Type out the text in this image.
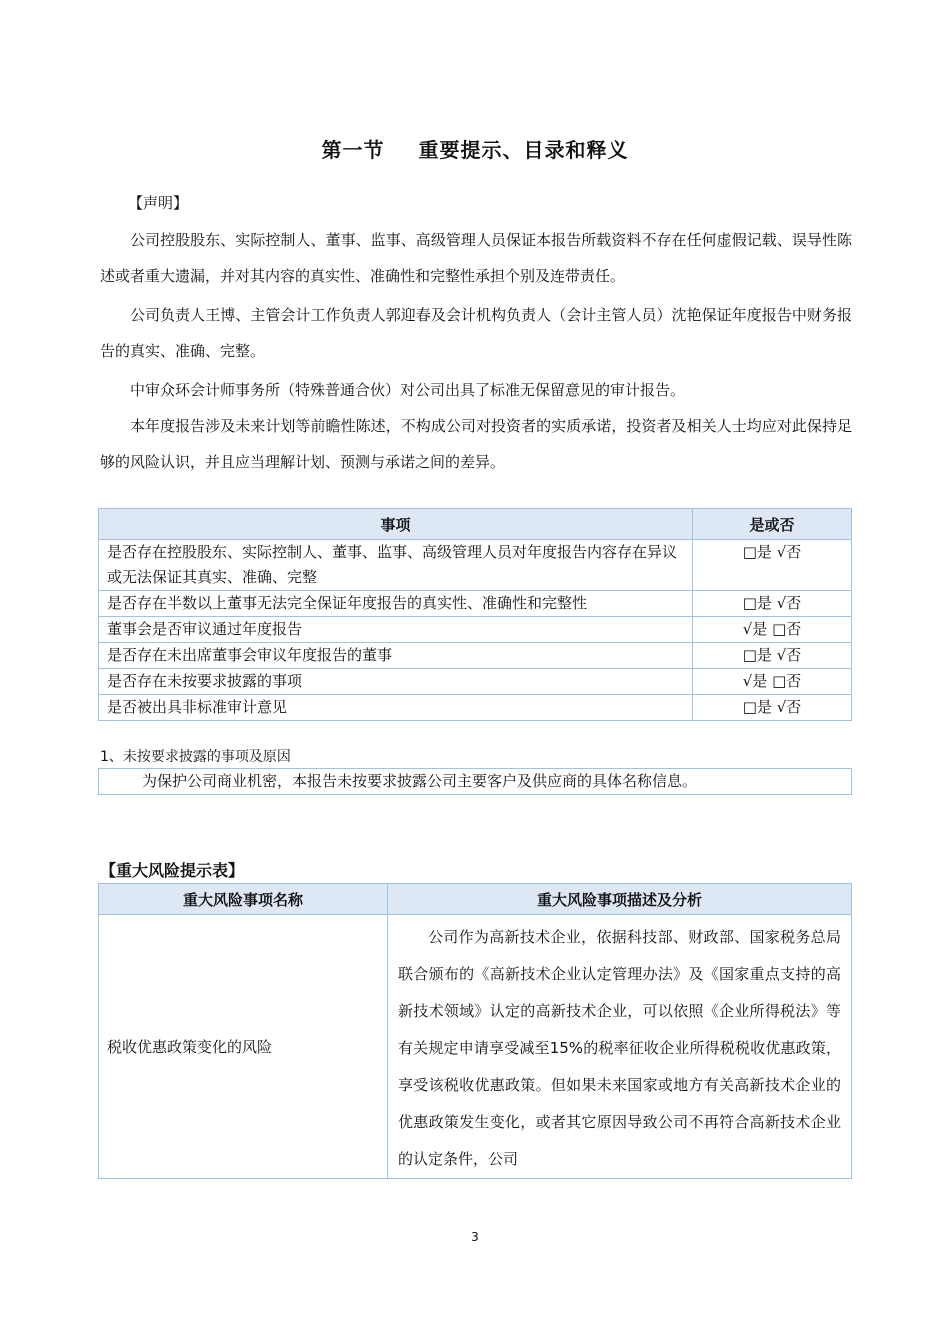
第一节 重要提示、目录和释义
【声明】

公司控股股东、实际控制人、董事、监事、高级管理人员保证本报告所载资料不存在任何虚假记载、误导性陈述或者重大遗漏，并对其内容的真实性、准确性和完整性承担个别及连带责任。

公司负责人王博、主管会计工作负责人郭迎春及会计机构负责人（会计主管人员）沈艳保证年度报告中财务报告的真实、准确、完整。

中审众环会计师事务所（特殊普通合伙）对公司出具了标准无保留意见的审计报告。

本年度报告涉及未来计划等前瞻性陈述，不构成公司对投资者的实质承诺，投资者及相关人士均应对此保持足够的风险认识，并且应当理解计划、预测与承诺之间的差异。

事项	是或否
是否存在控股股东、实际控制人、董事、监事、高级管理人员对年度报告内容存在异议或无法保证其真实、准确、完整	□是 √否
是否存在半数以上董事无法完全保证年度报告的真实性、准确性和完整性	□是 √否
董事会是否审议通过年度报告	√是 □否
是否存在未出席董事会审议年度报告的董事	□是 √否
是否存在未按要求披露的事项	√是 □否
是否被出具非标准审计意见	□是 √否
1、未按要求披露的事项及原因
为保护公司商业机密，本报告未按要求披露公司主要客户及供应商的具体名称信息。
【重大风险提示表】
重大风险事项名称	重大风险事项描述及分析
税收优惠政策变化的风险	公司作为高新技术企业，依据科技部、财政部、国家税务总局联合颁布的《高新技术企业认定管理办法》及《国家重点支持的高新技术领域》认定的高新技术企业，可以依照《企业所得税法》等有关规定申请享受减至15%的税率征收企业所得税税收优惠政策，享受该税收优惠政策。但如果未来国家或地方有关高新技术企业的优惠政策发生变化，或者其它原因导致公司不再符合高新技术企业的认定条件，公司
3
